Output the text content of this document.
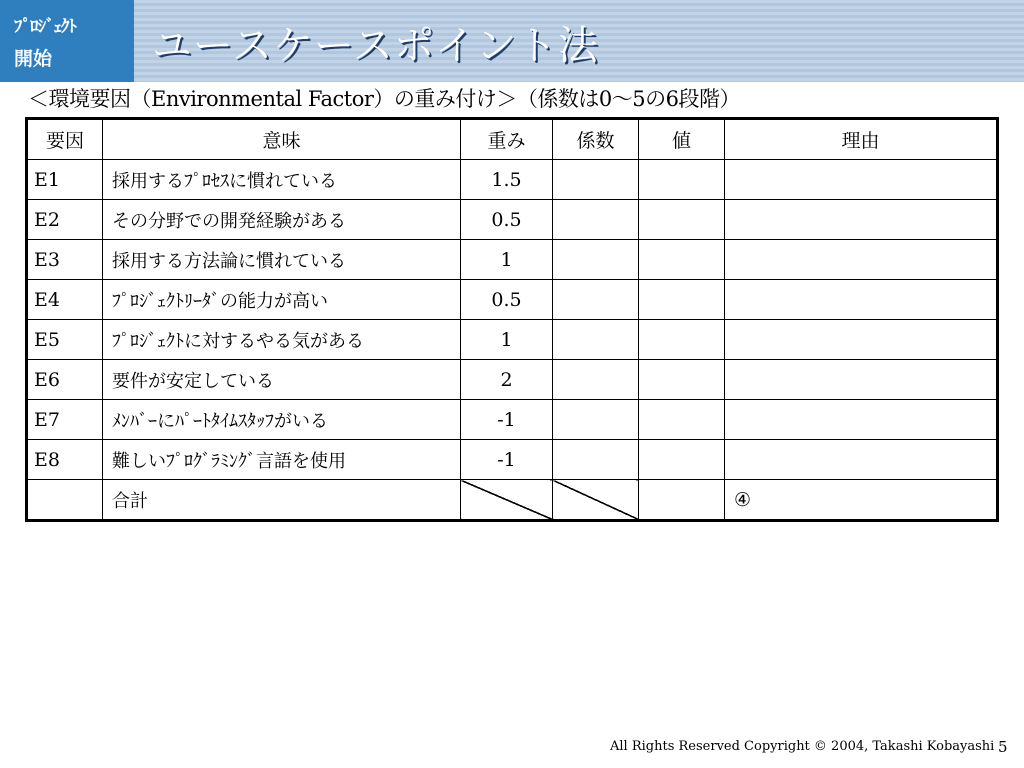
ﾌﾟﾛｼﾞｪｸﾄ
開始 ユースケースポイント法
＜環境要因（Environmental Factor）の重み付け＞（係数は0～5の6段階）
要因	意味	重み	係数	値	理由
E1	採用するﾌﾟﾛｾｽに慣れている	1.5			
E2	その分野での開発経験がある	0.5			
E3	採用する方法論に慣れている	1			
E4	ﾌﾟﾛｼﾞｪｸﾄﾘｰﾀﾞの能力が高い	0.5			
E5	ﾌﾟﾛｼﾞｪｸﾄに対するやる気がある	1			
E6	要件が安定している	2			
E7	ﾒﾝﾊﾞｰにﾊﾟｰﾄﾀｲﾑｽﾀｯﾌがいる	-1			
E8	難しいﾌﾟﾛｸﾞﾗﾐﾝｸﾞ言語を使用	-1			
	合計				④
All Rights Reserved Copyright © 2004, Takashi Kobayashi 5
